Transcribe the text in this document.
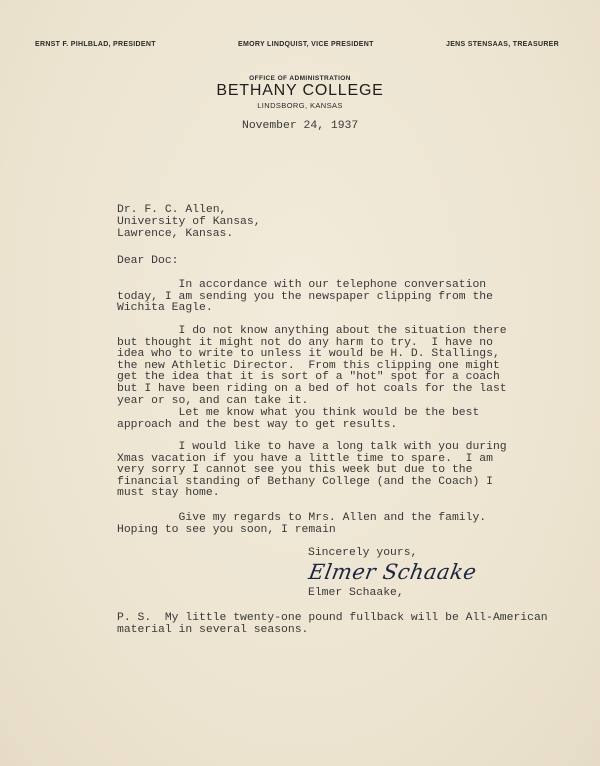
ERNST F. PIHLBLAD, PRESIDENT	EMORY LINDQUIST, VICE PRESIDENT	JENS STENSAAS, TREASURER
OFFICE OF ADMINISTRATION
BETHANY COLLEGE
LINDSBORG, KANSAS
November 24, 1937
Dr. F. C. Allen,
University of Kansas,
Lawrence, Kansas.
Dear Doc:
In accordance with our telephone conversation
today, I am sending you the newspaper clipping from the
Wichita Eagle.
I do not know anything about the situation there
but thought it might not do any harm to try.  I have no
idea who to write to unless it would be H. D. Stallings,
the new Athletic Director.  From this clipping one might
get the idea that it is sort of a "hot" spot for a coach
but I have been riding on a bed of hot coals for the last
year or so, and can take it.
Let me know what you think would be the best
approach and the best way to get results.
I would like to have a long talk with you during
Xmas vacation if you have a little time to spare.  I am
very sorry I cannot see you this week but due to the
financial standing of Bethany College (and the Coach) I
must stay home.
Give my regards to Mrs. Allen and the family.
Hoping to see you soon, I remain
Sincerely yours,
Elmer Schaake
Elmer Schaake,
P. S.  My little twenty-one pound fullback will be All-American
material in several seasons.
